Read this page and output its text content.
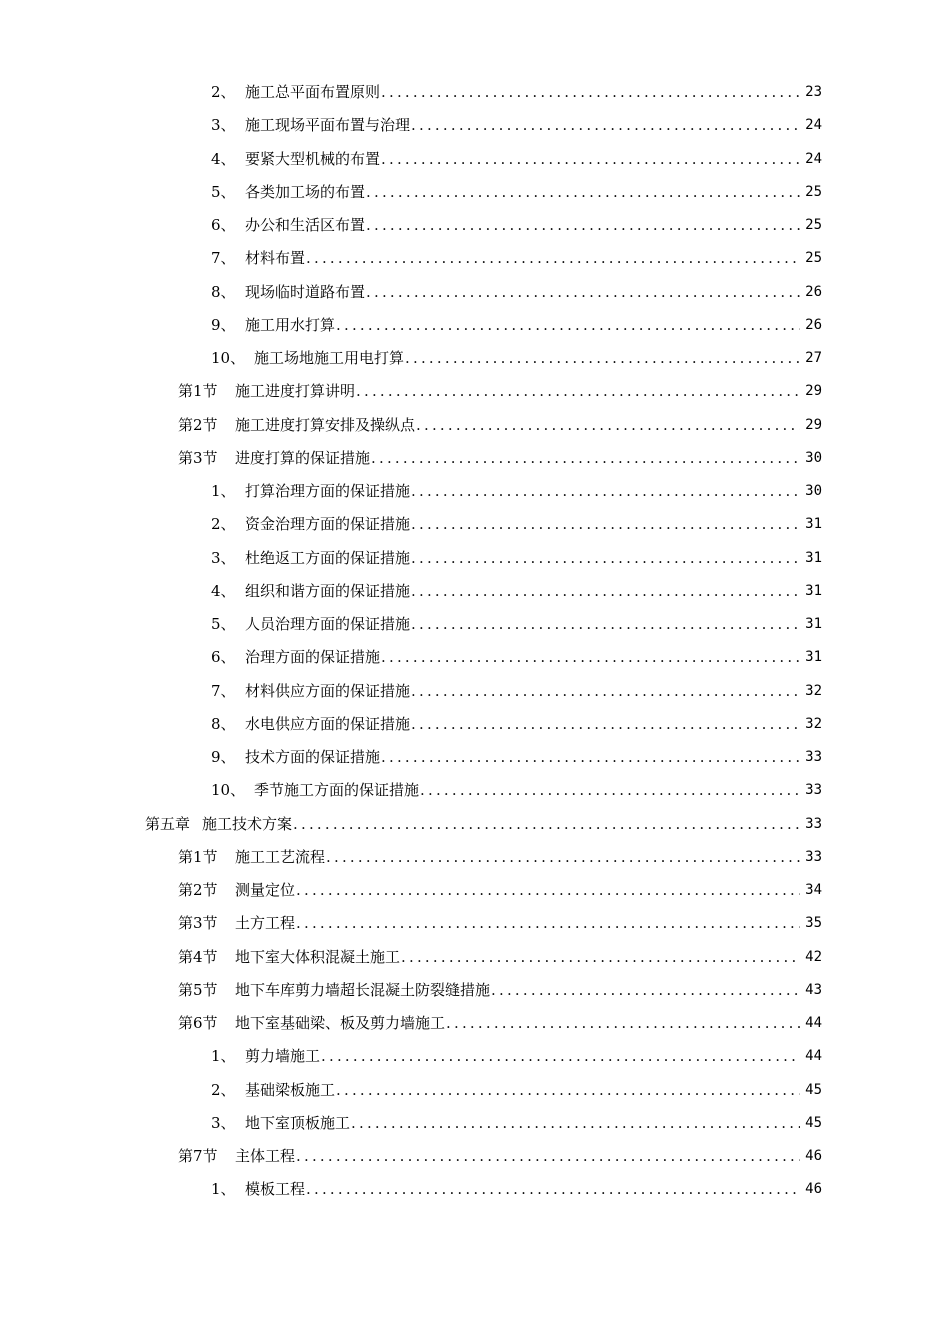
2、 施工总平面布置原则 .....	23
3、 施工现场平面布置与治理 .....	24
4、 要紧大型机械的布置 .....	24
5、 各类加工场的布置 .....	25
6、 办公和生活区布置 .....	25
7、 材料布置 .....	25
8、 现场临时道路布置 .....	26
9、 施工用水打算 .....	26
10、 施工场地施工用电打算 .....	27
第1节	施工进度打算讲明 .....	29
第2节	施工进度打算安排及操纵点 .....	29
第3节	进度打算的保证措施 .....	30
1、 打算治理方面的保证措施 .....	30
2、 资金治理方面的保证措施 .....	31
3、 杜绝返工方面的保证措施 .....	31
4、 组织和谐方面的保证措施 .....	31
5、 人员治理方面的保证措施 .....	31
6、 治理方面的保证措施 .....	31
7、 材料供应方面的保证措施 .....	32
8、 水电供应方面的保证措施 .....	32
9、 技术方面的保证措施 .....	33
10、 季节施工方面的保证措施 .....	33
第五章 施工技术方案 .....	33
第1节	施工工艺流程 .....	33
第2节	测量定位 .....	34
第3节	土方工程 .....	35
第4节	地下室大体积混凝土施工 .....	42
第5节	地下车库剪力墙超长混凝土防裂缝措施 .....	43
第6节	地下室基础梁、板及剪力墙施工 .....	44
1、 剪力墙施工 .....	44
2、 基础梁板施工 .....	45
3、 地下室顶板施工 .....	45
第7节	主体工程 .....	46
1、 模板工程 .....	46
